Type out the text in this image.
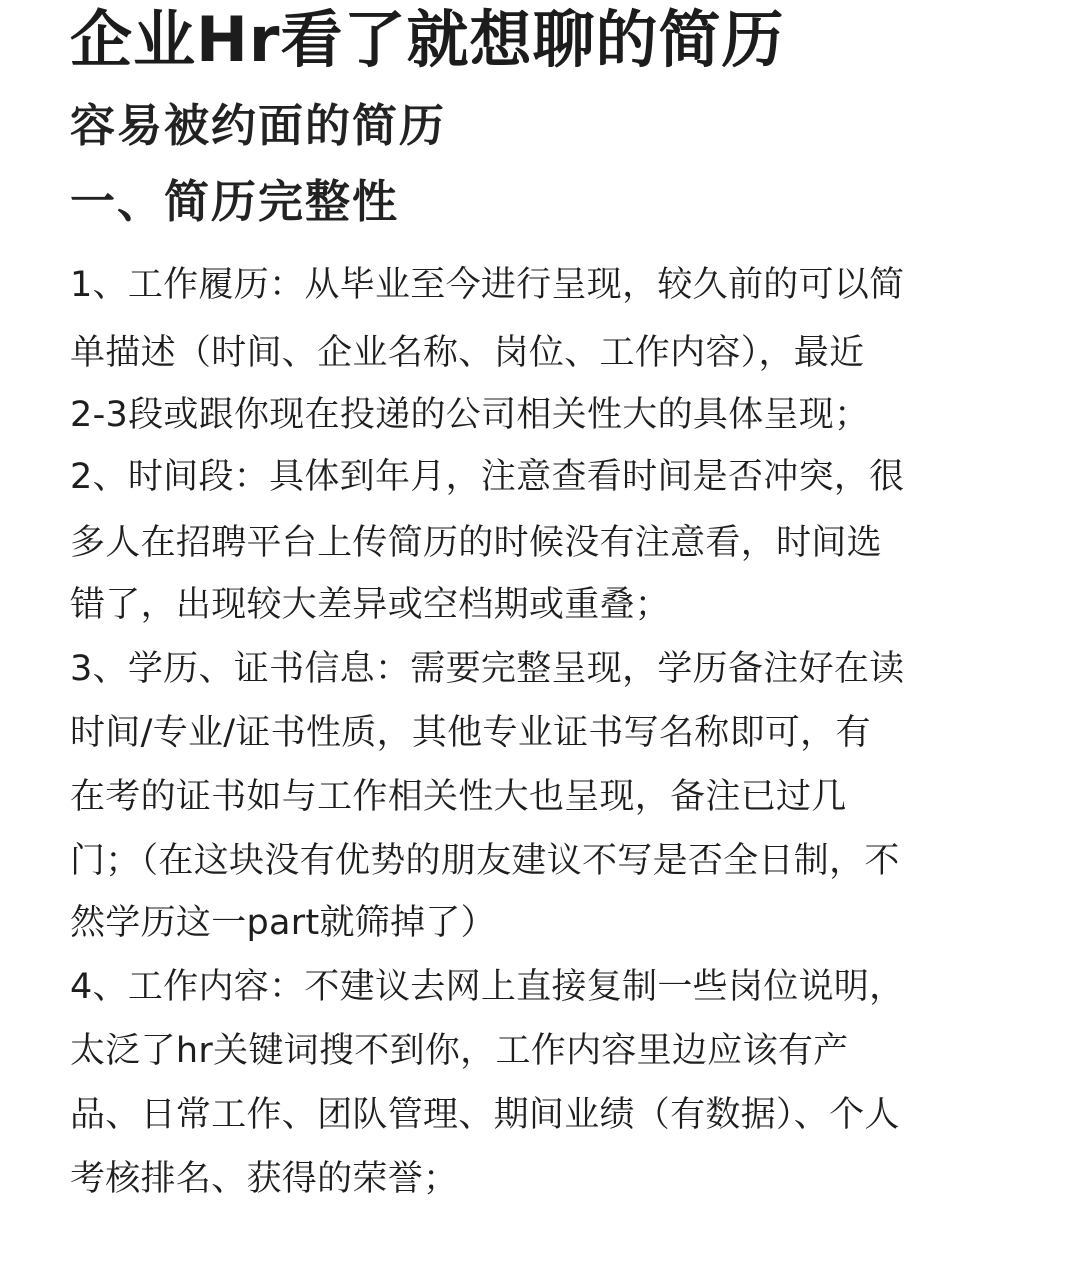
企业Hr看了就想聊的简历
容易被约面的简历
一、简历完整性
1、工作履历：从毕业至今进行呈现，较久前的可以简
单描述（时间、企业名称、岗位、工作内容），最近
2-3段或跟你现在投递的公司相关性大的具体呈现；
2、时间段：具体到年月，注意查看时间是否冲突，很
多人在招聘平台上传简历的时候没有注意看，时间选
错了，出现较大差异或空档期或重叠；
3、学历、证书信息：需要完整呈现，学历备注好在读
时间/专业/证书性质，其他专业证书写名称即可，有
在考的证书如与工作相关性大也呈现，备注已过几
门；（在这块没有优势的朋友建议不写是否全日制，不
然学历这一part就筛掉了）
4、工作内容：不建议去网上直接复制一些岗位说明，
太泛了hr关键词搜不到你，工作内容里边应该有产
品、日常工作、团队管理、期间业绩（有数据）、个人
考核排名、获得的荣誉；
